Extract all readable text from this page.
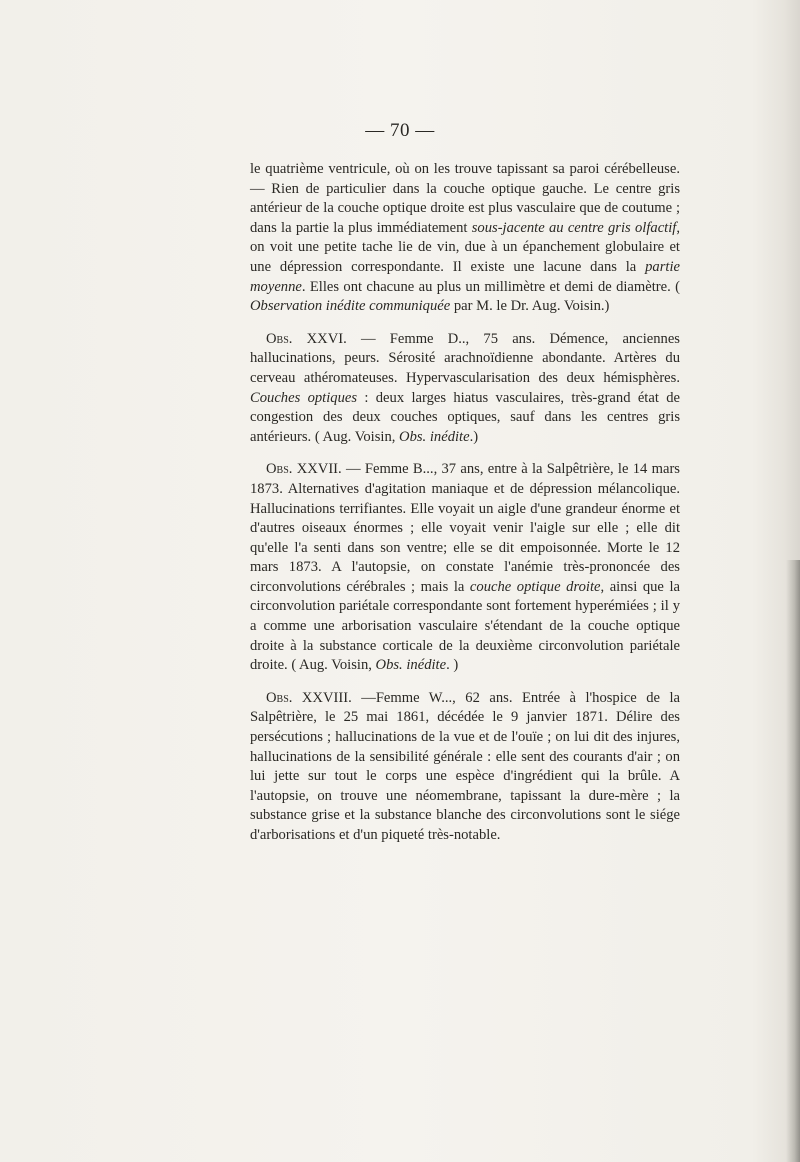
— 70 —

le quatrième ventricule, où on les trouve tapissant sa paroi cérébelleuse. — Rien de particulier dans la couche optique gauche. Le centre gris antérieur de la couche optique droite est plus vasculaire que de coutume ; dans la partie la plus immédiatement sous-jacente au centre gris olfactif, on voit une petite tache lie de vin, due à un épanchement globulaire et une dépression correspondante. Il existe une lacune dans la partie moyenne. Elles ont chacune au plus un millimètre et demi de diamètre. ( Observation inédite communiquée par M. le Dr. Aug. Voisin.)

Obs. XXVI. — Femme D.., 75 ans. Démence, anciennes hallucinations, peurs. Sérosité arachnoïdienne abondante. Artères du cerveau athéromateuses. Hypervascularisation des deux hémisphères. Couches optiques : deux larges hiatus vasculaires, très-grand état de congestion des deux couches optiques, sauf dans les centres gris antérieurs. ( Aug. Voisin, Obs. inédite.)

Obs. XXVII. — Femme B..., 37 ans, entre à la Salpêtrière, le 14 mars 1873. Alternatives d'agitation maniaque et de dépression mélancolique. Hallucinations terrifiantes. Elle voyait un aigle d'une grandeur énorme et d'autres oiseaux énormes ; elle voyait venir l'aigle sur elle ; elle dit qu'elle l'a senti dans son ventre; elle se dit empoisonnée. Morte le 12 mars 1873. A l'autopsie, on constate l'anémie très-prononcée des circonvolutions cérébrales ; mais la couche optique droite, ainsi que la circonvolution pariétale correspondante sont fortement hyperémiées ; il y a comme une arborisation vasculaire s'étendant de la couche optique droite à la substance corticale de la deuxième circonvolution pariétale droite. ( Aug. Voisin, Obs. inédite. )

Obs. XXVIII. —Femme W..., 62 ans. Entrée à l'hospice de la Salpêtrière, le 25 mai 1861, décédée le 9 janvier 1871. Délire des persécutions ; hallucinations de la vue et de l'ouïe ; on lui dit des injures, hallucinations de la sensibilité générale : elle sent des courants d'air ; on lui jette sur tout le corps une espèce d'ingrédient qui la brûle. A l'autopsie, on trouve une néomembrane, tapissant la dure-mère ; la substance grise et la substance blanche des circonvolutions sont le siége d'arborisations et d'un piqueté très-notable.
